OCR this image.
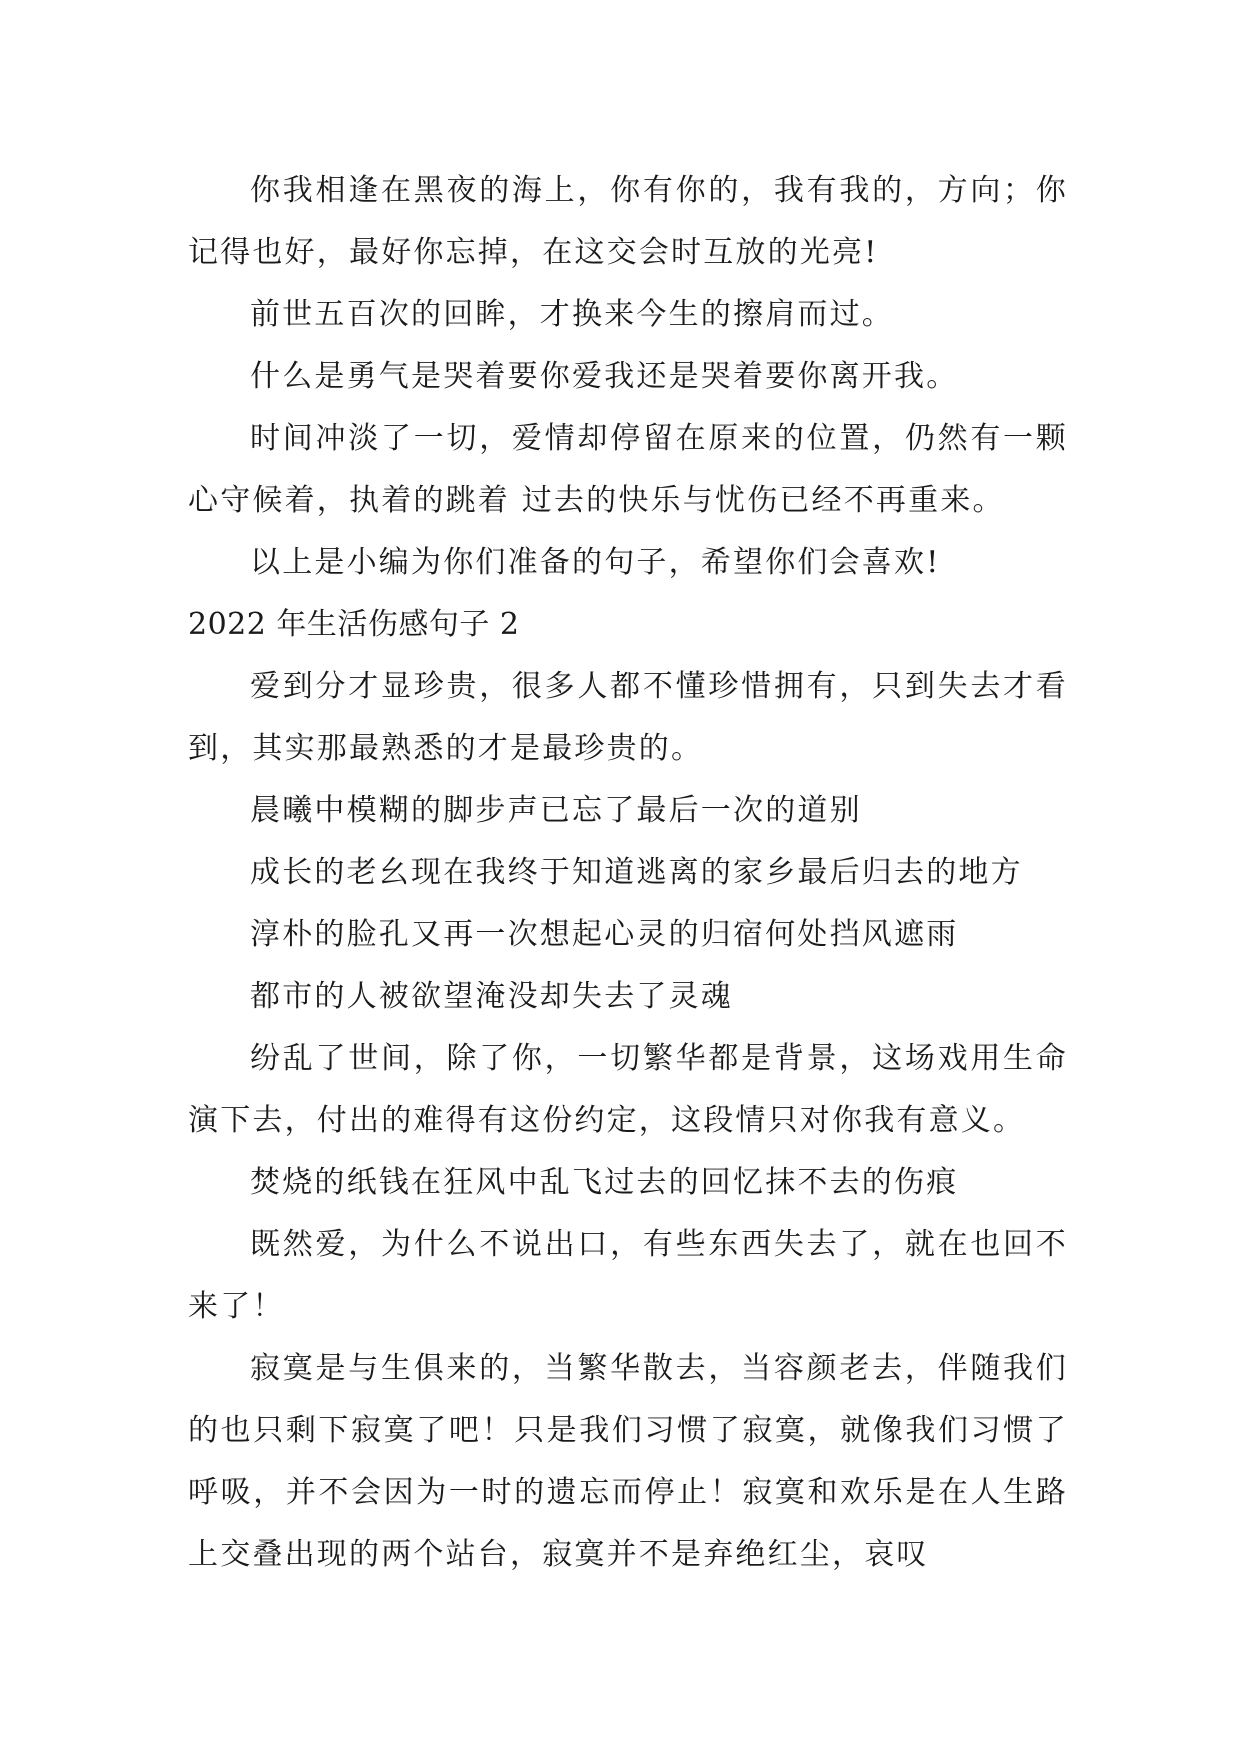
你我相逢在黑夜的海上，你有你的，我有我的，方向；你记得也好，最好你忘掉，在这交会时互放的光亮!

前世五百次的回眸，才换来今生的擦肩而过。

什么是勇气是哭着要你爱我还是哭着要你离开我。

时间冲淡了一切，爱情却停留在原来的位置，仍然有一颗心守候着，执着的跳着 过去的快乐与忧伤已经不再重来。

以上是小编为你们准备的句子，希望你们会喜欢!

2022 年生活伤感句子 2

爱到分才显珍贵，很多人都不懂珍惜拥有，只到失去才看到，其实那最熟悉的才是最珍贵的。

晨曦中模糊的脚步声已忘了最后一次的道别

成长的老幺现在我终于知道逃离的家乡最后归去的地方

淳朴的脸孔又再一次想起心灵的归宿何处挡风遮雨

都市的人被欲望淹没却失去了灵魂

纷乱了世间，除了你，一切繁华都是背景，这场戏用生命演下去，付出的难得有这份约定，这段情只对你我有意义。

焚烧的纸钱在狂风中乱飞过去的回忆抹不去的伤痕

既然爱，为什么不说出口，有些东西失去了，就在也回不来了！

寂寞是与生俱来的，当繁华散去，当容颜老去，伴随我们的也只剩下寂寞了吧！只是我们习惯了寂寞，就像我们习惯了呼吸，并不会因为一时的遗忘而停止！寂寞和欢乐是在人生路上交叠出现的两个站台，寂寞并不是弃绝红尘，哀叹
